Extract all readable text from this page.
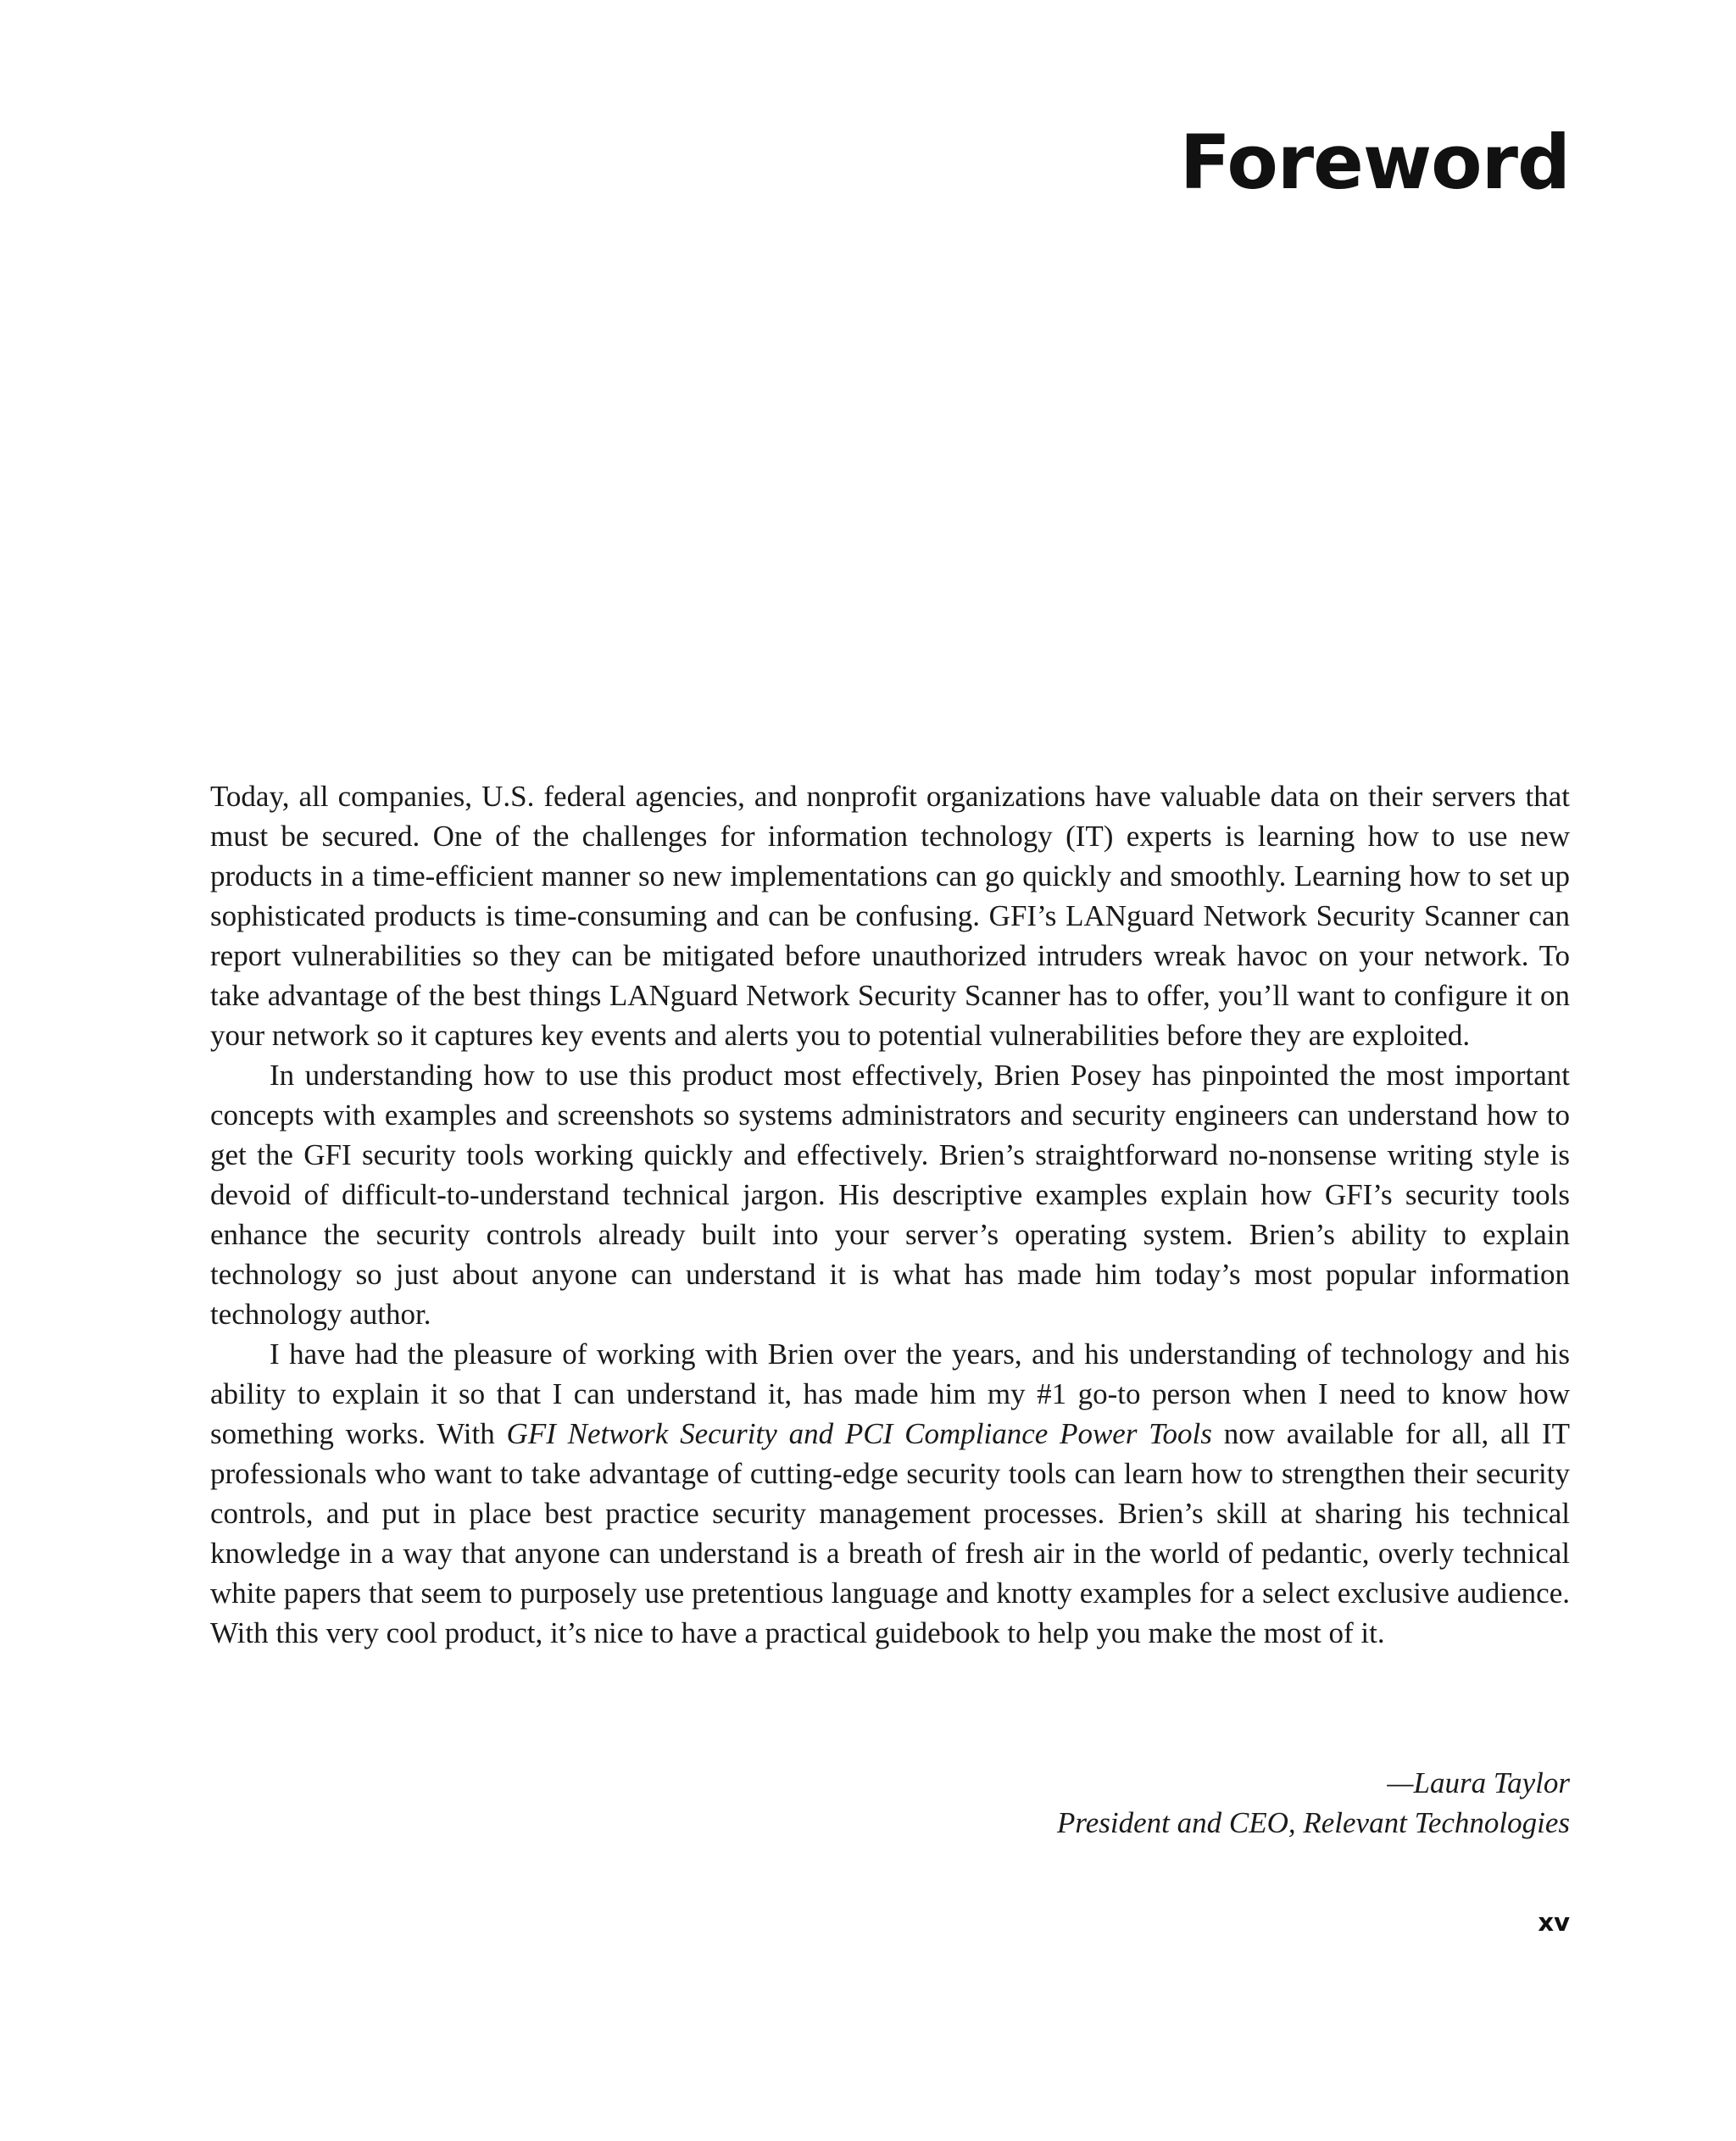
Foreword

Today, all companies, U.S. federal agencies, and nonprofit organizations have valuable data on their servers that must be secured. One of the challenges for information technology (IT) experts is learning how to use new products in a time-efficient manner so new implementations can go quickly and smoothly. Learning how to set up sophisticated products is time-consuming and can be confusing. GFI’s LANguard Network Security Scanner can report vulnerabilities so they can be mitigated before unauthorized intruders wreak havoc on your network. To take advantage of the best things LANguard Network Security Scanner has to offer, you’ll want to configure it on your network so it captures key events and alerts you to potential vulnerabilities before they are exploited.

In understanding how to use this product most effectively, Brien Posey has pinpointed the most important concepts with examples and screenshots so systems administrators and security engineers can understand how to get the GFI security tools working quickly and effectively. Brien’s straightforward no-nonsense writing style is devoid of difficult-to-understand technical jargon. His descriptive examples explain how GFI’s security tools enhance the security controls already built into your server’s operating system. Brien’s ability to explain technology so just about anyone can understand it is what has made him today’s most popular information technology author.

I have had the pleasure of working with Brien over the years, and his understanding of technology and his ability to explain it so that I can understand it, has made him my #1 go-to person when I need to know how something works. With GFI Network Security and PCI Compliance Power Tools now available for all, all IT professionals who want to take advantage of cutting-edge security tools can learn how to strengthen their security controls, and put in place best practice security management processes. Brien’s skill at sharing his technical knowledge in a way that anyone can understand is a breath of fresh air in the world of pedantic, overly technical white papers that seem to purposely use pretentious language and knotty examples for a select exclusive audience. With this very cool product, it’s nice to have a practical guidebook to help you make the most of it.

—Laura Taylor
President and CEO, Relevant Technologies
xv
